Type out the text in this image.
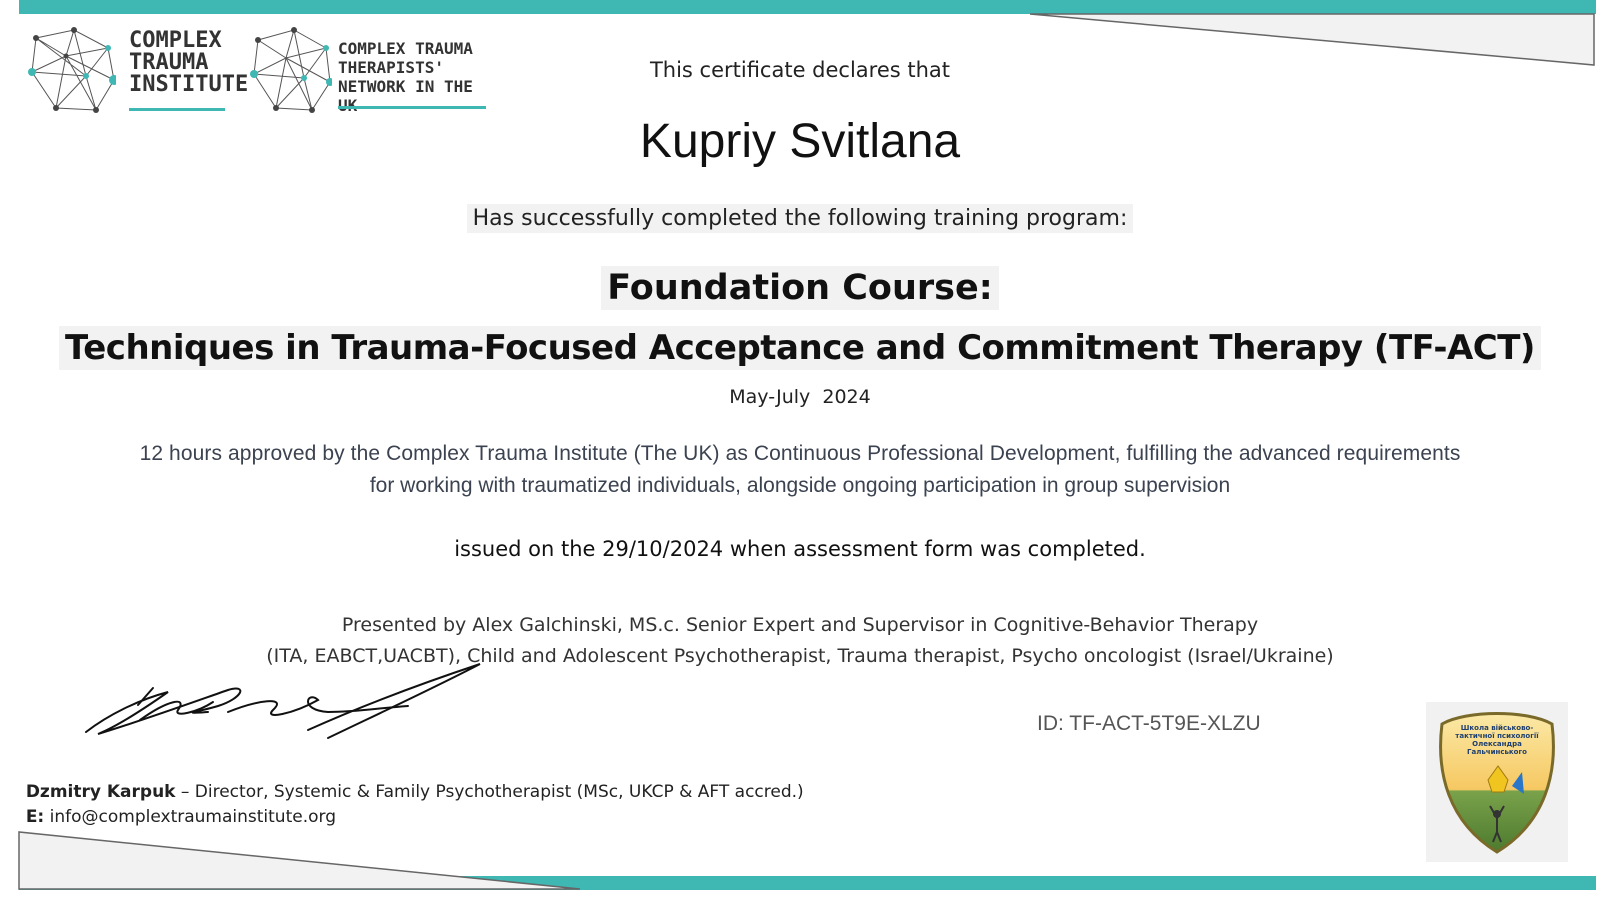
COMPLEX
TRAUMA
INSTITUTE
COMPLEX TRAUMA
THERAPISTS'
NETWORK IN THE
This certificate declares that
Kupriy Svitlana
Has successfully completed the following training program:
Foundation Course:
Techniques in Trauma-Focused Acceptance and Commitment Therapy (TF-ACT)
May-July  2024
12 hours approved by the Complex Trauma Institute (The UK) as Continuous Professional Development, fulfilling the advanced requirements
for working with traumatized individuals, alongside ongoing participation in group supervision
issued on the 29/10/2024 when assessment form was completed.
Presented by Alex Galchinski, MS.c. Senior Expert and Supervisor in Cognitive-Behavior Therapy
(ITA, EABCT,UACBT), Child and Adolescent Psychotherapist, Trauma therapist, Psycho oncologist (Israel/Ukraine)

Dzmitry Karpuk – Director, Systemic & Family Psychotherapist (MSc, UKCP & AFT accred.)

E: info@complextraumainstitute.org

ID: TF-ACT-5T9E-XLZU	Школа військово-
тактичної психології
Олександра
Гальчинського
